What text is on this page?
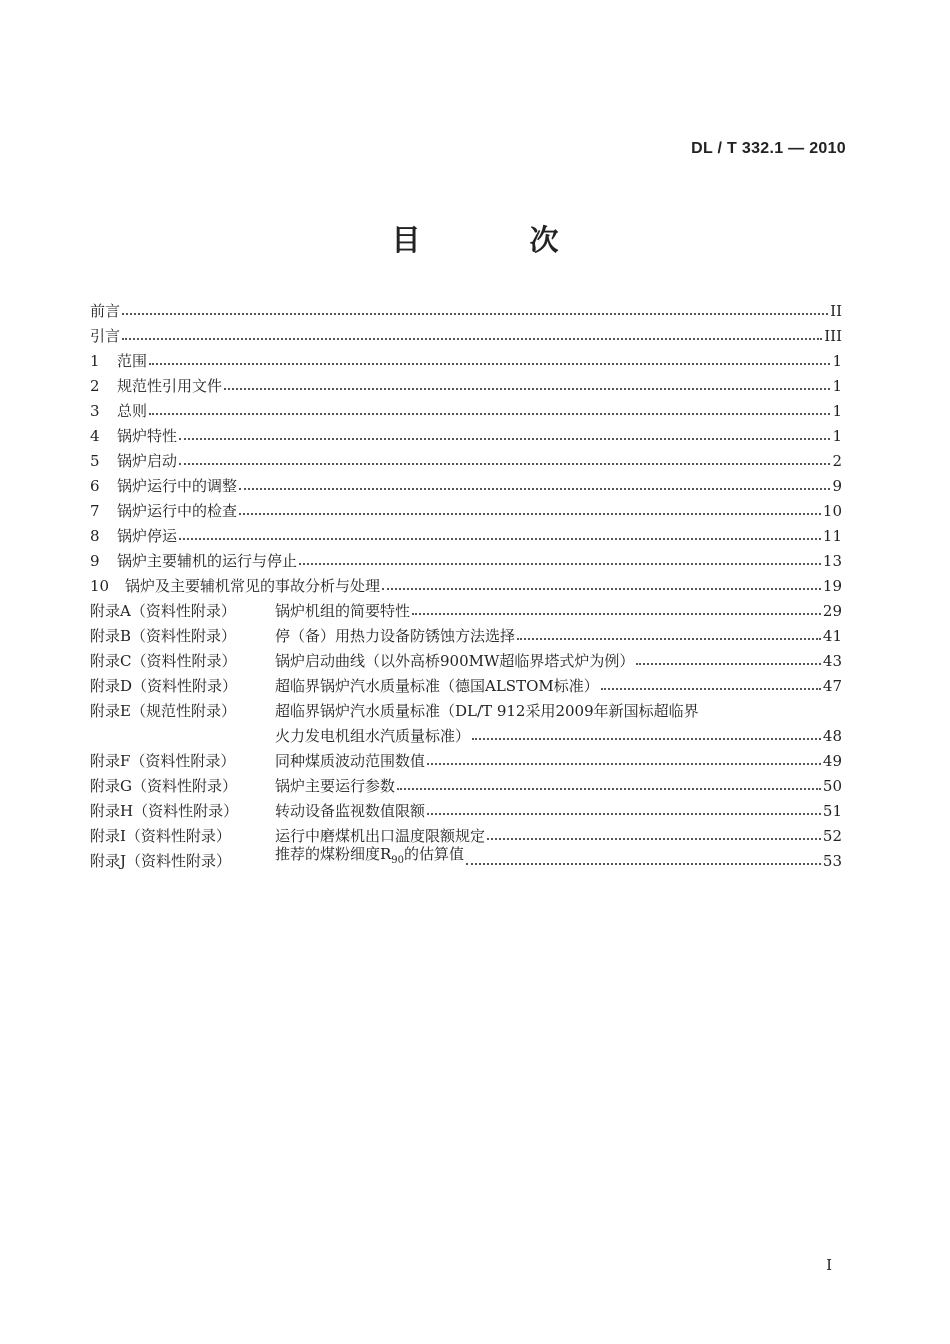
DL / T 332.1 — 2010
目　次
前言	II
引言	III
1	范围	1
2	规范性引用文件	1
3	总则	1
4	锅炉特性	1
5	锅炉启动	2
6	锅炉运行中的调整	9
7	锅炉运行中的检查	10
8	锅炉停运	11
9	锅炉主要辅机的运行与停止	13
10	锅炉及主要辅机常见的事故分析与处理	19
附录A（资料性附录）	锅炉机组的简要特性	29
附录B（资料性附录）	停（备）用热力设备防锈蚀方法选择	41
附录C（资料性附录）	锅炉启动曲线（以外高桥900MW超临界塔式炉为例）	43
附录D（资料性附录）	超临界锅炉汽水质量标准（德国ALSTOM标准）	47
附录E（规范性附录）	超临界锅炉汽水质量标准（DL/T 912采用2009年新国标超临界
火力发电机组水汽质量标准）	48
附录F（资料性附录）	同种煤质波动范围数值	49
附录G（资料性附录）	锅炉主要运行参数	50
附录H（资料性附录）	转动设备监视数值限额	51
附录I（资料性附录）	运行中磨煤机出口温度限额规定	52
附录J（资料性附录）	推荐的煤粉细度$R_{90}$的估算值	53
I
